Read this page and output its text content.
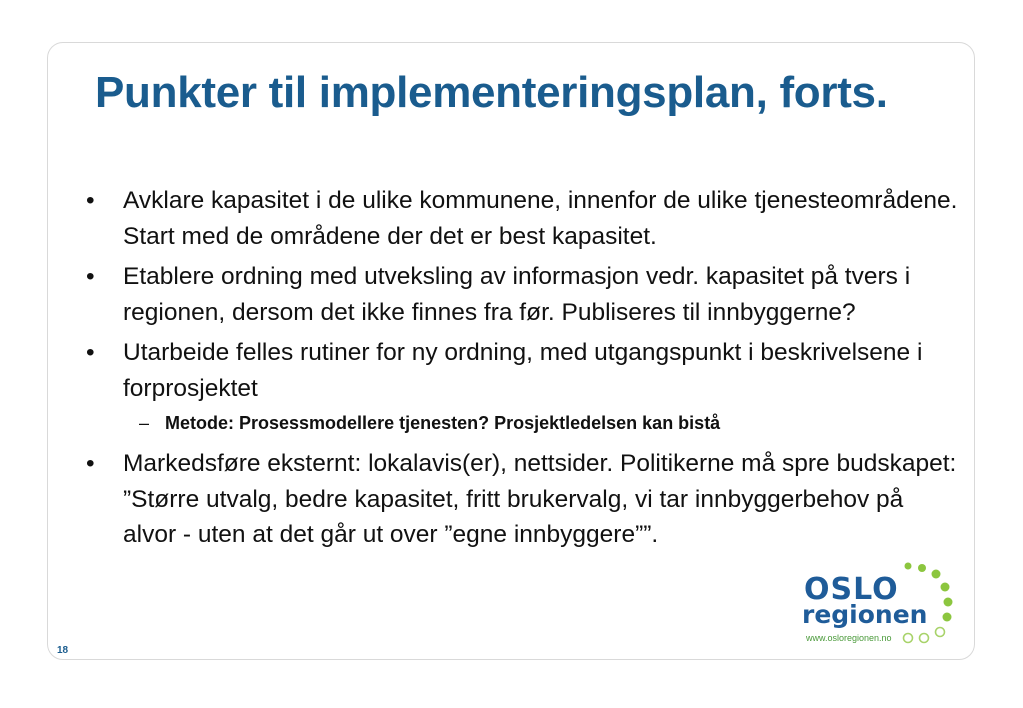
Punkter til implementeringsplan, forts.
• Avklare kapasitet i de ulike kommunene, innenfor de ulike tjenesteområdene. Start med de områdene der det er best kapasitet.
• Etablere ordning med utveksling av informasjon vedr. kapasitet på tvers i regionen, dersom det ikke finnes fra før. Publiseres til innbyggerne?
• Utarbeide felles rutiner for ny ordning, med utgangspunkt i beskrivelsene i forprosjektet
– Metode: Prosessmodellere tjenesten? Prosjektledelsen kan bistå
• Markedsføre eksternt: lokalavis(er), nettsider. Politikerne må spre budskapet: ”Større utvalg, bedre kapasitet, fritt brukervalg, vi tar innbyggerbehov på alvor - uten at det går ut over ”egne innbyggere””.
18
OSLO
regionen
www.osloregionen.no
